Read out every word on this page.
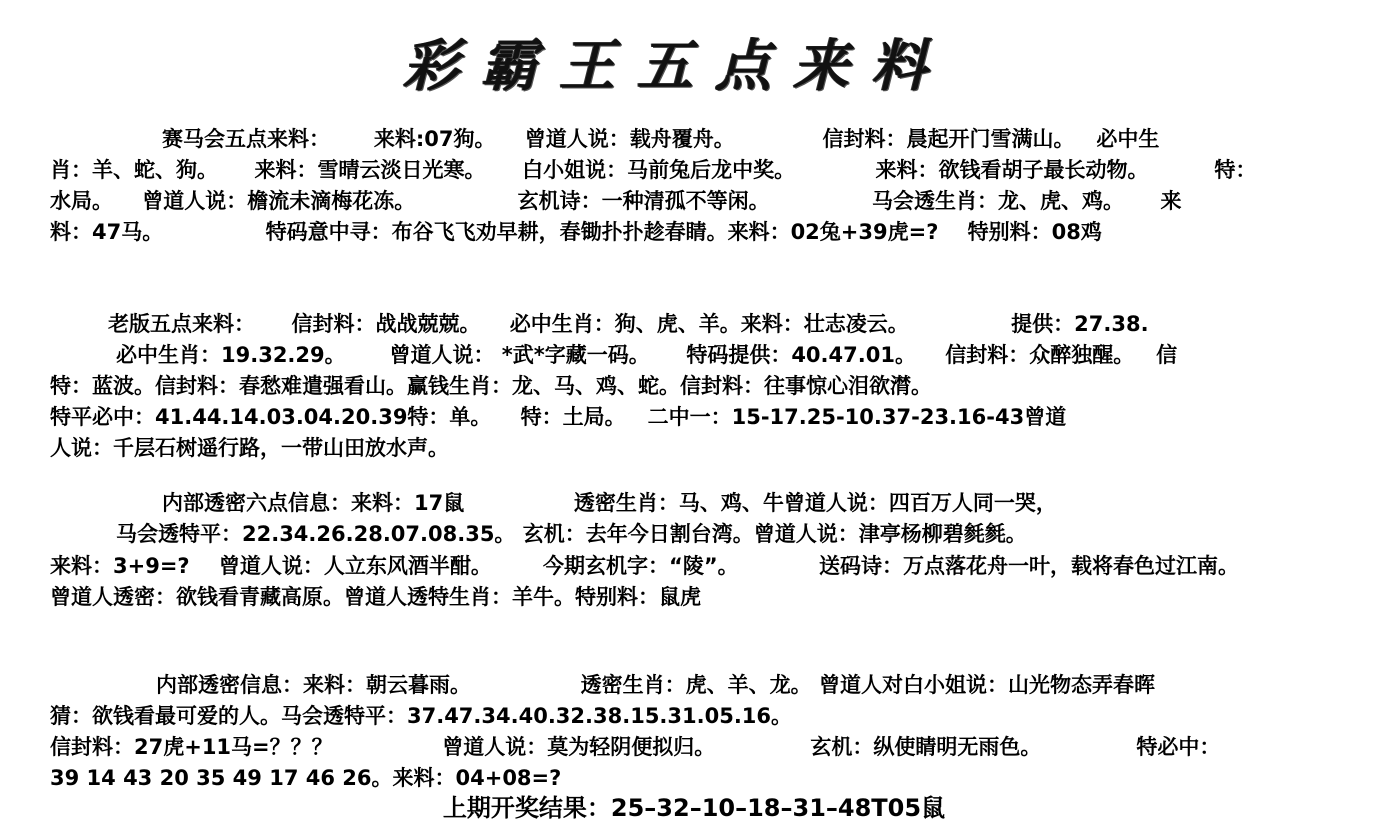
彩霸王五点来料
赛马会五点来料：      来料:07狗。    曾道人说：载舟覆舟。            信封料：晨起开门雪满山。   必中生
肖：羊、蛇、狗。     来料：雪晴云淡日光寒。     白小姐说：马前兔后龙中奖。           来料：欲钱看胡子最长动物。         特：
水局。    曾道人说：檐流未滴梅花冻。              玄机诗：一种清孤不等闲。              马会透生肖：龙、虎、鸡。     来
料：47马。              特码意中寻：布谷飞飞劝早耕，春锄扑扑趁春睛。来料：02兔+39虎=?    特别料：08鸡
老版五点来料：     信封料：战战兢兢。    必中生肖：狗、虎、羊。来料：壮志凌云。              提供：27.38.
必中生肖：19.32.29。      曾道人说： *武*字藏一码。     特码提供：40.47.01。    信封料：众醉独醒。   信
特：蓝波。信封料：春愁难遣强看山。赢钱生肖：龙、马、鸡、蛇。信封料：往事惊心泪欲潸。
特平必中：41.44.14.03.04.20.39特：单。    特：土局。   二中一：15-17.25-10.37-23.16-43曾道
人说：千层石树遥行路，一带山田放水声。
内部透密六点信息：来料：17鼠               透密生肖：马、鸡、牛曾道人说：四百万人同一哭，
马会透特平：22.34.26.28.07.08.35。 玄机：去年今日割台湾。曾道人说：津亭杨柳碧毵毵。
来料：3+9=?    曾道人说：人立东风酒半酣。       今期玄机字：“陵”。           送码诗：万点落花舟一叶，载将春色过江南。
曾道人透密：欲钱看青藏高原。曾道人透特生肖：羊牛。特别料：鼠虎
内部透密信息：来料：朝云暮雨。               透密生肖：虎、羊、龙。 曾道人对白小姐说：山光物态弄春晖
猜：欲钱看最可爱的人。马会透特平：37.47.34.40.32.38.15.31.05.16。
信封料：27虎+11马=？？？               曾道人说：莫为轻阴便拟归。             玄机：纵使睛明无雨色。             特必中：
39 14 43 20 35 49 17 46 26。来料：04+08=?
上期开奖结果：25–32–10–18–31–48T05鼠
